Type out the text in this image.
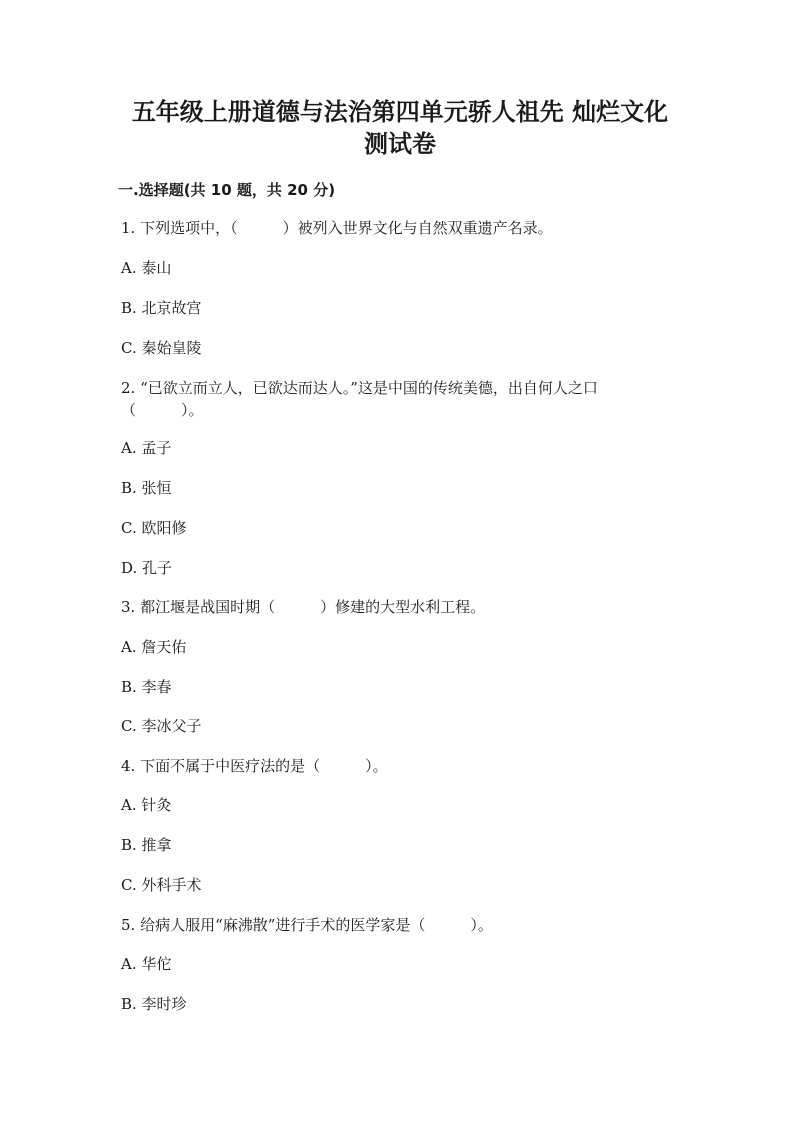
五年级上册道德与法治第四单元骄人祖先 灿烂文化
测试卷
一.选择题(共 10 题，共 20 分)
1. 下列选项中，（　　　）被列入世界文化与自然双重遗产名录。
A. 泰山
B. 北京故宫
C. 秦始皇陵
2. “已欲立而立人，已欲达而达人。”这是中国的传统美德，出自何人之口
（　　　）。
A. 孟子
B. 张恒
C. 欧阳修
D. 孔子
3. 都江堰是战国时期（　　　）修建的大型水利工程。
A. 詹天佑
B. 李春
C. 李冰父子
4. 下面不属于中医疗法的是（　　　）。
A. 针灸
B. 推拿
C. 外科手术
5. 给病人服用“麻沸散”进行手术的医学家是（　　　）。
A. 华佗
B. 李时珍
